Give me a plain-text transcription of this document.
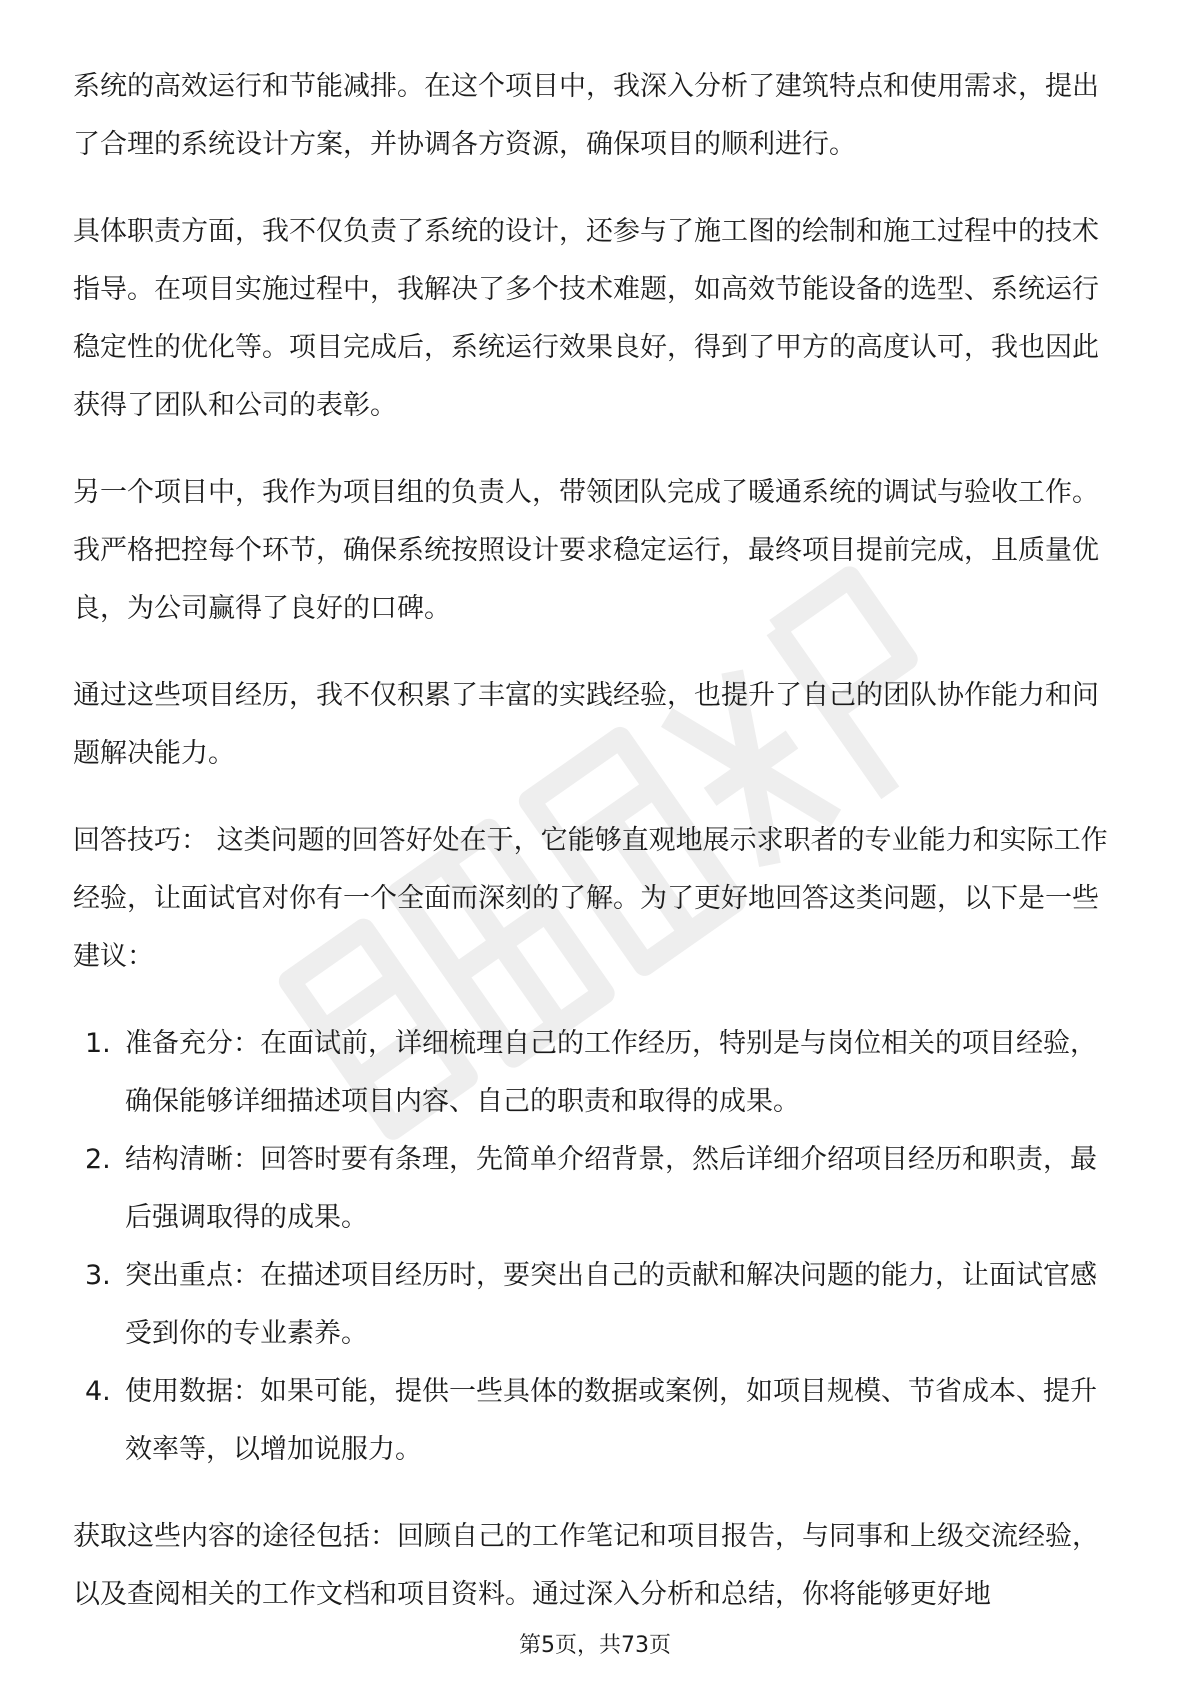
系统的高效运行和节能减排。在这个项目中，我深入分析了建筑特点和使用需求，提出了合理的系统设计方案，并协调各方资源，确保项目的顺利进行。

具体职责方面，我不仅负责了系统的设计，还参与了施工图的绘制和施工过程中的技术指导。在项目实施过程中，我解决了多个技术难题，如高效节能设备的选型、系统运行稳定性的优化等。项目完成后，系统运行效果良好，得到了甲方的高度认可，我也因此获得了团队和公司的表彰。

另一个项目中，我作为项目组的负责人，带领团队完成了暖通系统的调试与验收工作。我严格把控每个环节，确保系统按照设计要求稳定运行，最终项目提前完成，且质量优良，为公司赢得了良好的口碑。

通过这些项目经历，我不仅积累了丰富的实践经验，也提升了自己的团队协作能力和问题解决能力。

回答技巧： 这类问题的回答好处在于，它能够直观地展示求职者的专业能力和实际工作经验，让面试官对你有一个全面而深刻的了解。为了更好地回答这类问题，以下是一些建议：

1. 准备充分：在面试前，详细梳理自己的工作经历，特别是与岗位相关的项目经验，确保能够详细描述项目内容、自己的职责和取得的成果。
2. 结构清晰：回答时要有条理，先简单介绍背景，然后详细介绍项目经历和职责，最后强调取得的成果。
3. 突出重点：在描述项目经历时，要突出自己的贡献和解决问题的能力，让面试官感受到你的专业素养。
4. 使用数据：如果可能，提供一些具体的数据或案例，如项目规模、节省成本、提升效率等，以增加说服力。

获取这些内容的途径包括：回顾自己的工作笔记和项目报告，与同事和上级交流经验，以及查阅相关的工作文档和项目资料。通过深入分析和总结，你将能够更好地

第5页，共73页
